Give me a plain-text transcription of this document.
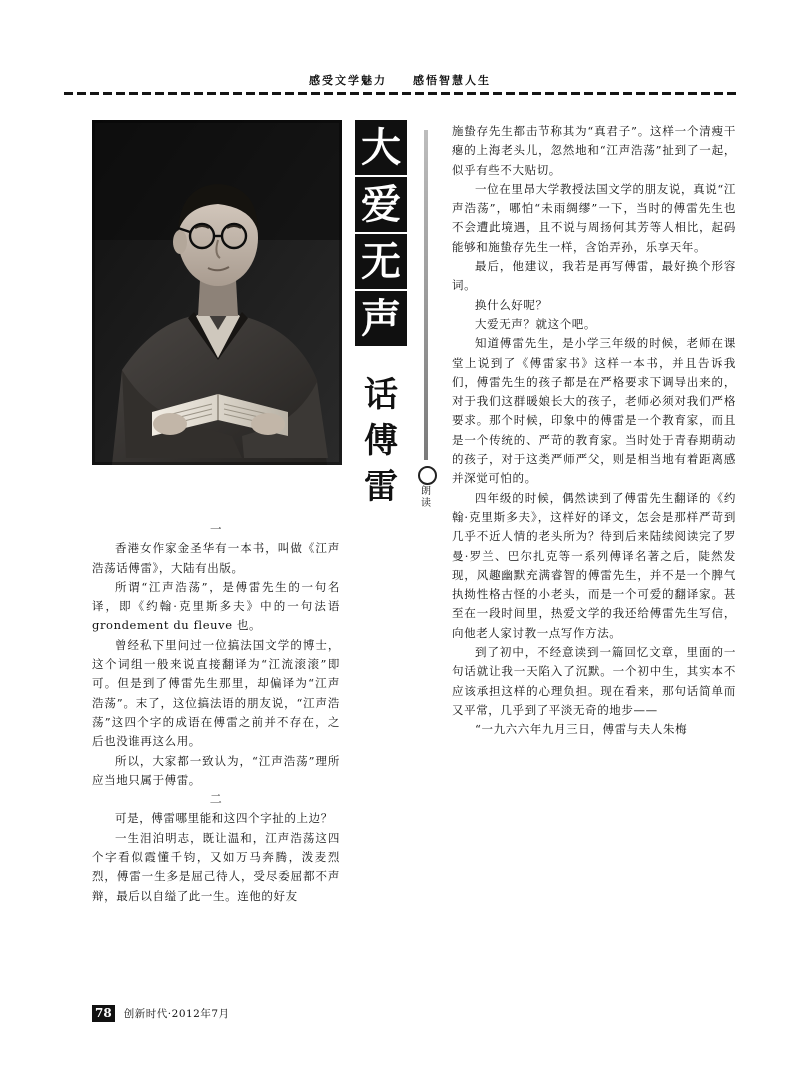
感受文学魅力 感悟智慧人生
大
爱
无
声
话
傅
雷	朗
读

一

香港女作家金圣华有一本书，叫做《江声浩荡话傅雷》，大陆有出版。

所谓“江声浩荡”，是傅雷先生的一句名译，即《约翰·克里斯多夫》中的一句法语grondement du fleuve 也。

曾经私下里问过一位搞法国文学的博士，这个词组一般来说直接翻译为“江流滚滚”即可。但是到了傅雷先生那里，却偏译为“江声浩荡”。末了，这位搞法语的朋友说，“江声浩荡”这四个字的成语在傅雷之前并不存在，之后也没谁再这么用。

所以，大家都一致认为，“江声浩荡”理所应当地只属于傅雷。

二

可是，傅雷哪里能和这四个字扯的上边？

一生泪泊明志，既让温和，江声浩荡这四个字看似霞懂千钧，又如万马奔腾，泼麦烈烈，傅雷一生多是屈己待人，受尽委屈都不声辩，最后以自缢了此一生。连他的好友

施蛰存先生都击节称其为“真君子”。这样一个清瘦干瘪的上海老头儿，忽然地和“江声浩荡”扯到了一起，似乎有些不大贴切。

一位在里昂大学教授法国文学的朋友说，真说“江声浩荡”，哪怕“未雨绸缪”一下，当时的傅雷先生也不会遭此境遇，且不说与周扬何其芳等人相比，起码能够和施蛰存先生一样，含饴弄孙，乐享天年。

最后，他建议，我若是再写傅雷，最好换个形容词。

换什么好呢？

大爱无声？就这个吧。

知道傅雷先生，是小学三年级的时候，老师在课堂上说到了《傅雷家书》这样一本书，并且告诉我们，傅雷先生的孩子都是在严格要求下调导出来的，对于我们这群暖娘长大的孩子，老师必须对我们严格要求。那个时候，印象中的傅雷是一个教育家，而且是一个传统的、严苛的教育家。当时处于青春期萌动的孩子，对于这类严师严父，则是相当地有着距离感并深觉可怕的。

四年级的时候，偶然读到了傅雷先生翻译的《约翰·克里斯多夫》，这样好的译文，怎会是那样严苛到几乎不近人情的老头所为？待到后来陆续阅读完了罗曼·罗兰、巴尔扎克等一系列傅译名著之后，陡然发现，风趣幽默充满睿智的傅雷先生，并不是一个脾气执拗性格古怪的小老头，而是一个可爱的翻译家。甚至在一段时间里，热爱文学的我还给傅雷先生写信，向他老人家讨教一点写作方法。

到了初中，不经意读到一篇回忆文章，里面的一句话就让我一天陷入了沉默。一个初中生，其实本不应该承担这样的心理负担。现在看来，那句话简单而又平常，几乎到了平淡无奇的地步——

“一九六六年九月三日，傅雷与夫人朱梅

78 创新时代·2012年7月
